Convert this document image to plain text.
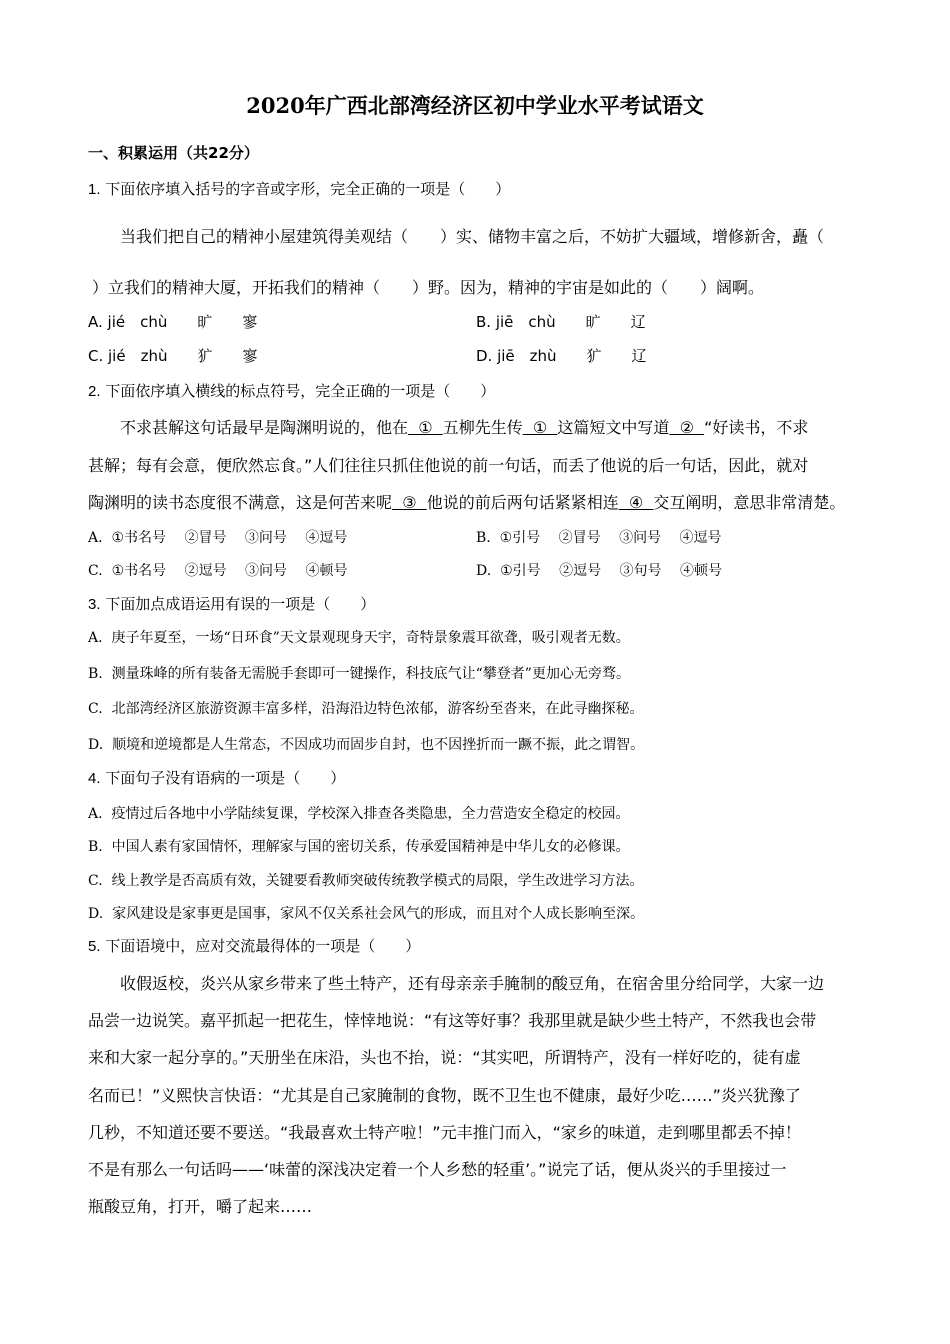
2020年广西北部湾经济区初中学业水平考试语文
一、积累运用（共22分）
1. 下面依序填入括号的字音或字形，完全正确的一项是（　　）
当我们把自己的精神小屋建筑得美观结（　　）实、储物丰富之后，不妨扩大疆域，增修新舍，矗（
）立我们的精神大厦，开拓我们的精神（　　）野。因为，精神的宇宙是如此的（　　）阔啊。
A. jié　chù　　旷　　寥	B. jiē　chù　　旷　　辽
C. jié　zhù　　犷　　寥	D. jiē　zhù　　犷　　辽
2. 下面依序填入横线的标点符号，完全正确的一项是（　　）
不求甚解这句话最早是陶渊明说的，他在  ①  五柳先生传  ①  这篇短文中写道  ②  “好读书，不求
甚解；每有会意，便欣然忘食。”人们往往只抓住他说的前一句话，而丢了他说的后一句话，因此，就对
陶渊明的读书态度很不满意，这是何苦来呢  ③  他说的前后两句话紧紧相连  ④  交互阐明，意思非常清楚。
A.  ①书名号　 ②冒号　 ③问号　 ④逗号	B.  ①引号　 ②冒号　 ③问号　 ④逗号
C.  ①书名号　 ②逗号　 ③问号　 ④顿号	D.  ①引号　 ②逗号　 ③句号　 ④顿号
3. 下面加点成语运用有误的一项是（　　）
A.  庚子年夏至，一场“日环食”天文景观现身天宇，奇特景象震耳欲聋，吸引观者无数。
B.  测量珠峰的所有装备无需脱手套即可一键操作，科技底气让“攀登者”更加心无旁骛。
C.  北部湾经济区旅游资源丰富多样，沿海沿边特色浓郁，游客纷至沓来，在此寻幽探秘。
D.  顺境和逆境都是人生常态，不因成功而固步自封，也不因挫折而一蹶不振，此之谓智。
4. 下面句子没有语病的一项是（　　）
A.  疫情过后各地中小学陆续复课，学校深入排查各类隐患，全力营造安全稳定的校园。
B.  中国人素有家国情怀，理解家与国的密切关系，传承爱国精神是中华儿女的必修课。
C.  线上教学是否高质有效，关键要看教师突破传统教学模式的局限，学生改进学习方法。
D.  家风建设是家事更是国事，家风不仅关系社会风气的形成，而且对个人成长影响至深。
5. 下面语境中，应对交流最得体的一项是（　　）
收假返校，炎兴从家乡带来了些土特产，还有母亲亲手腌制的酸豆角，在宿舍里分给同学，大家一边
品尝一边说笑。嘉平抓起一把花生，悻悻地说：“有这等好事？我那里就是缺少些土特产，不然我也会带
来和大家一起分享的。”天册坐在床沿，头也不抬，说：“其实吧，所谓特产，没有一样好吃的，徒有虚
名而已！”义熙快言快语：“尤其是自己家腌制的食物，既不卫生也不健康，最好少吃……”炎兴犹豫了
几秒，不知道还要不要送。“我最喜欢土特产啦！”元丰推门而入，“家乡的味道，走到哪里都丢不掉！
不是有那么一句话吗——‘味蕾的深浅决定着一个人乡愁的轻重’。”说完了话，便从炎兴的手里接过一
瓶酸豆角，打开，嚼了起来……
